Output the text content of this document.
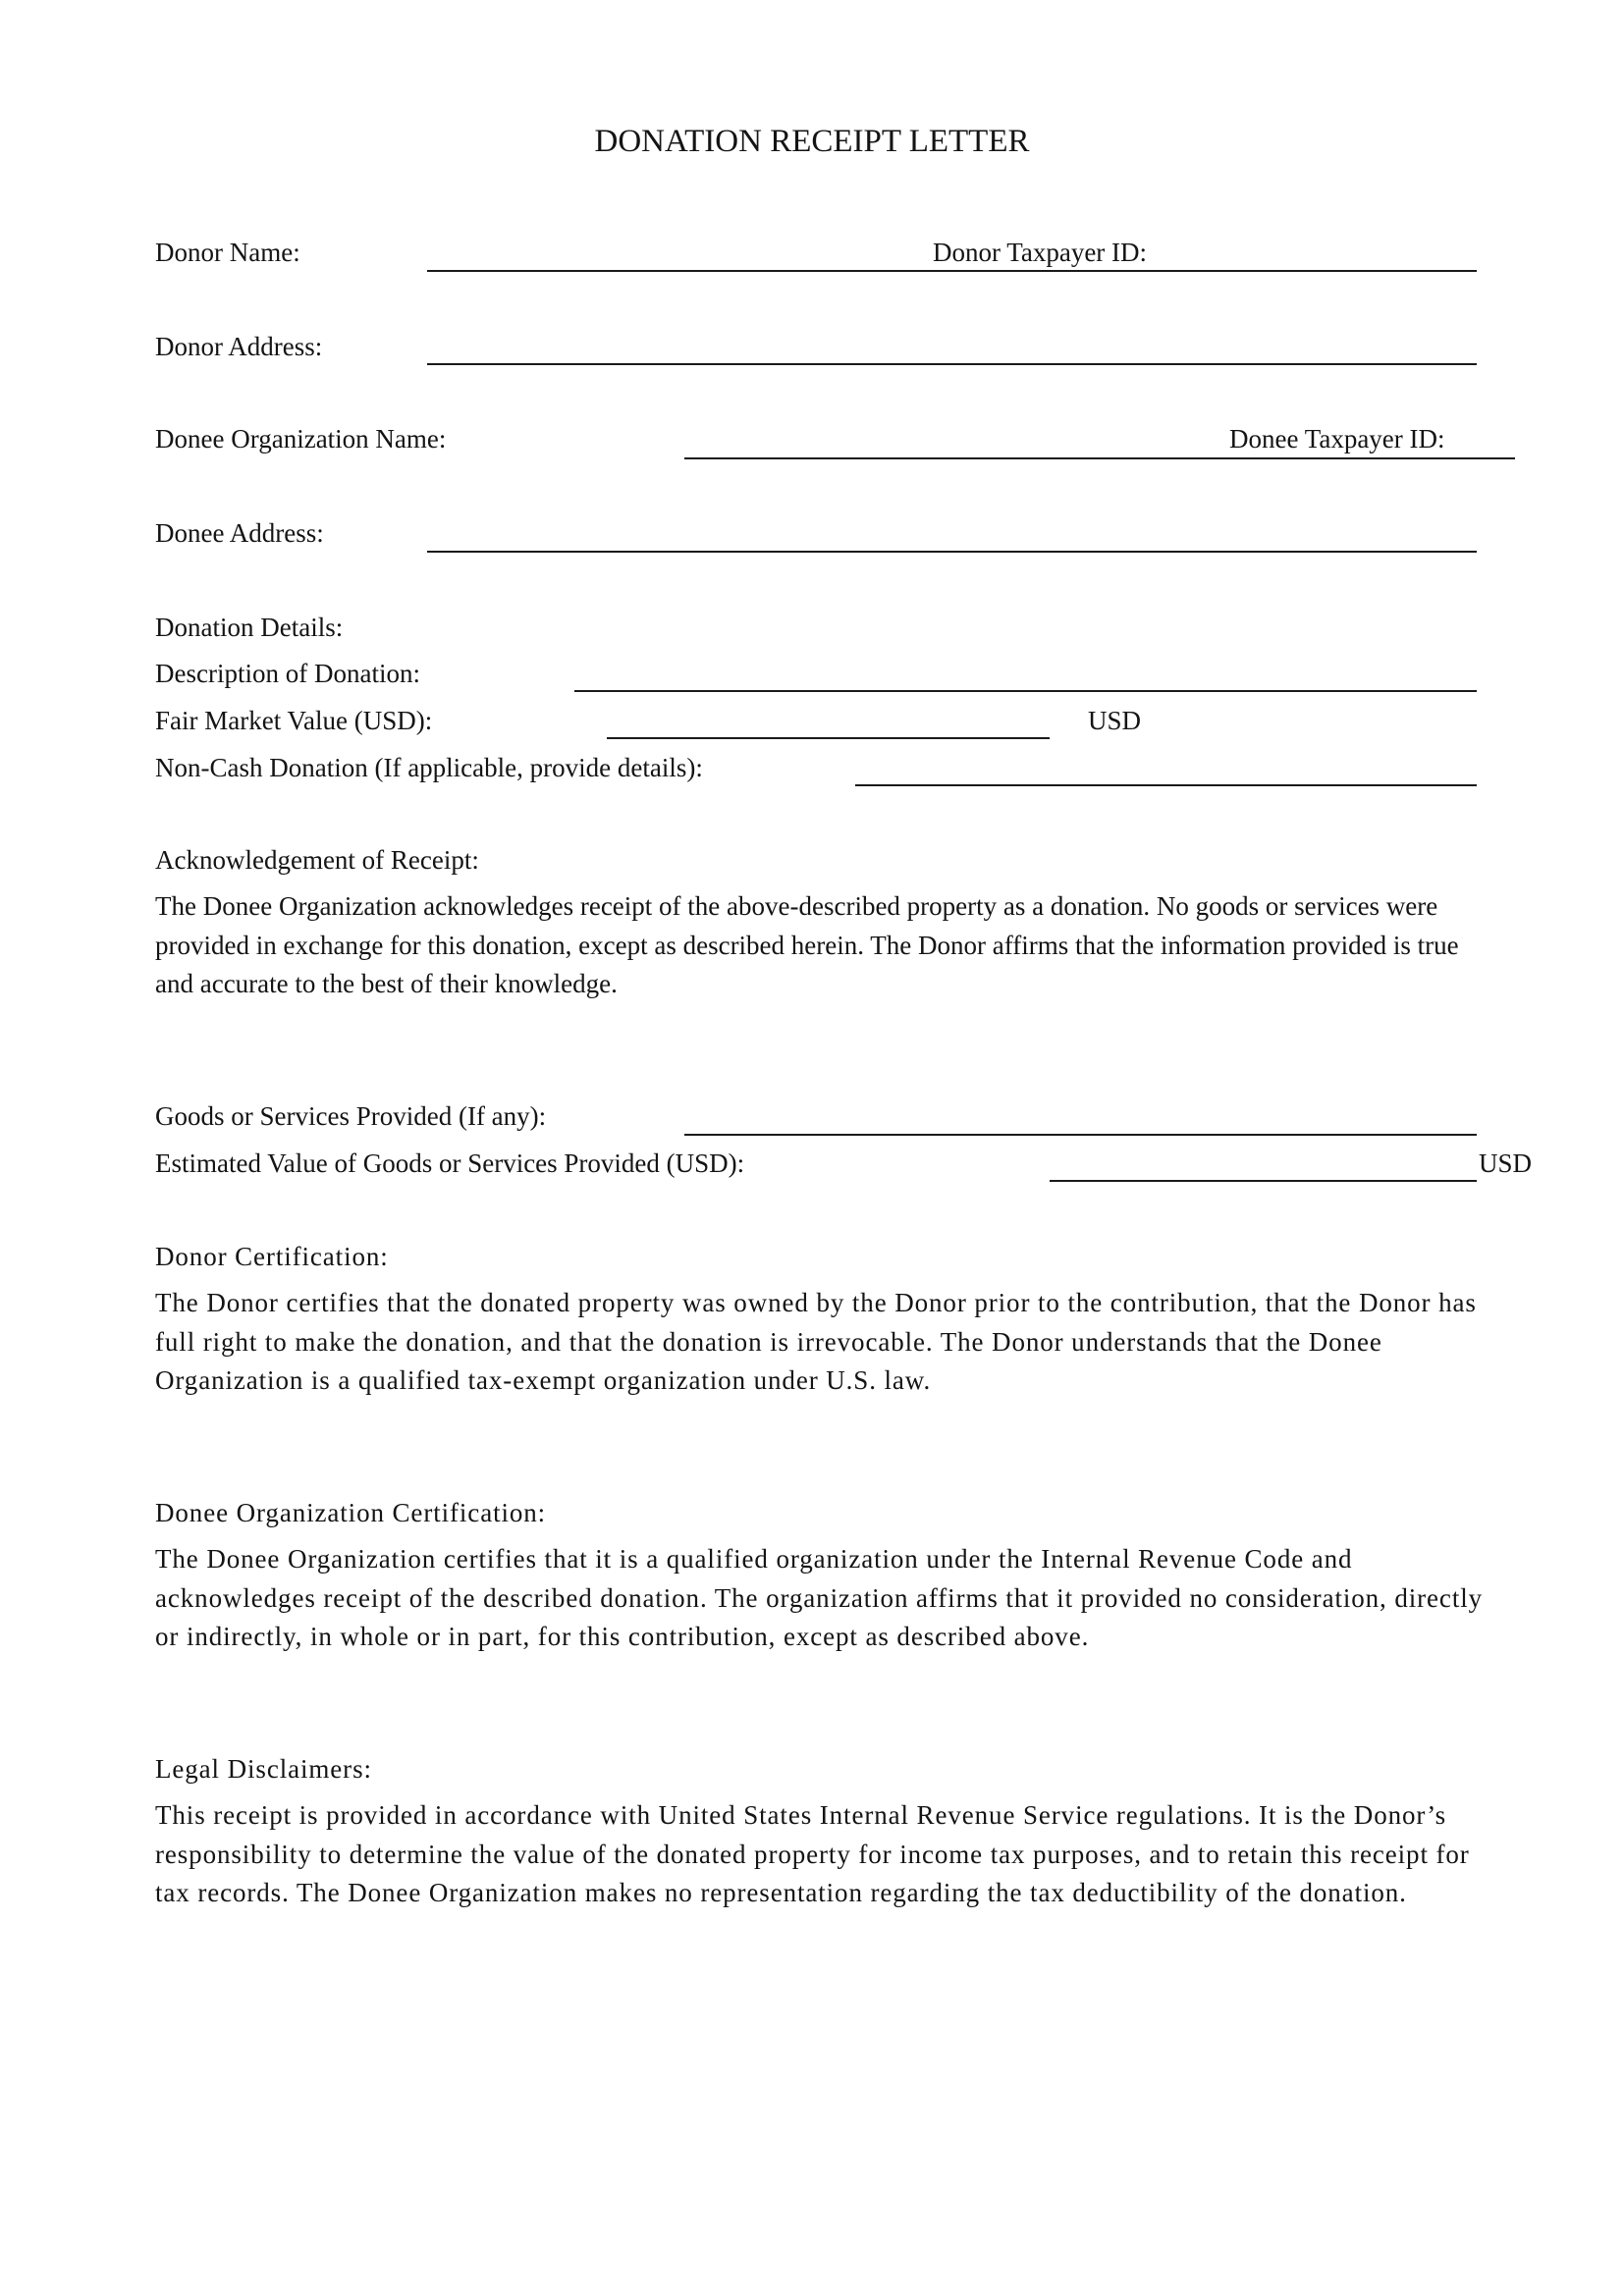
DONATION RECEIPT LETTER
Donor Name:	Donor Taxpayer ID:
Donor Address:
Donee Organization Name:	Donee Taxpayer ID:
Donee Address:
Donation Details:
Description of Donation:
Fair Market Value (USD):	USD
Non-Cash Donation (If applicable, provide details):
Acknowledgement of Receipt:

The Donee Organization acknowledges receipt of the above-described property as a donation. No goods or services were provided in exchange for this donation, except as described herein. The Donor affirms that the information provided is true and accurate to the best of their knowledge.

Goods or Services Provided (If any):
Estimated Value of Goods or Services Provided (USD):	USD
Donor Certification:

The Donor certifies that the donated property was owned by the Donor prior to the contribution, that the Donor has full right to make the donation, and that the donation is irrevocable. The Donor understands that the Donee Organization is a qualified tax-exempt organization under U.S. law.

Donee Organization Certification:

The Donee Organization certifies that it is a qualified organization under the Internal Revenue Code and acknowledges receipt of the described donation. The organization affirms that it provided no consideration, directly or indirectly, in whole or in part, for this contribution, except as described above.

Legal Disclaimers:

This receipt is provided in accordance with United States Internal Revenue Service regulations. It is the Donor’s responsibility to determine the value of the donated property for income tax purposes, and to retain this receipt for tax records. The Donee Organization makes no representation regarding the tax deductibility of the donation.
